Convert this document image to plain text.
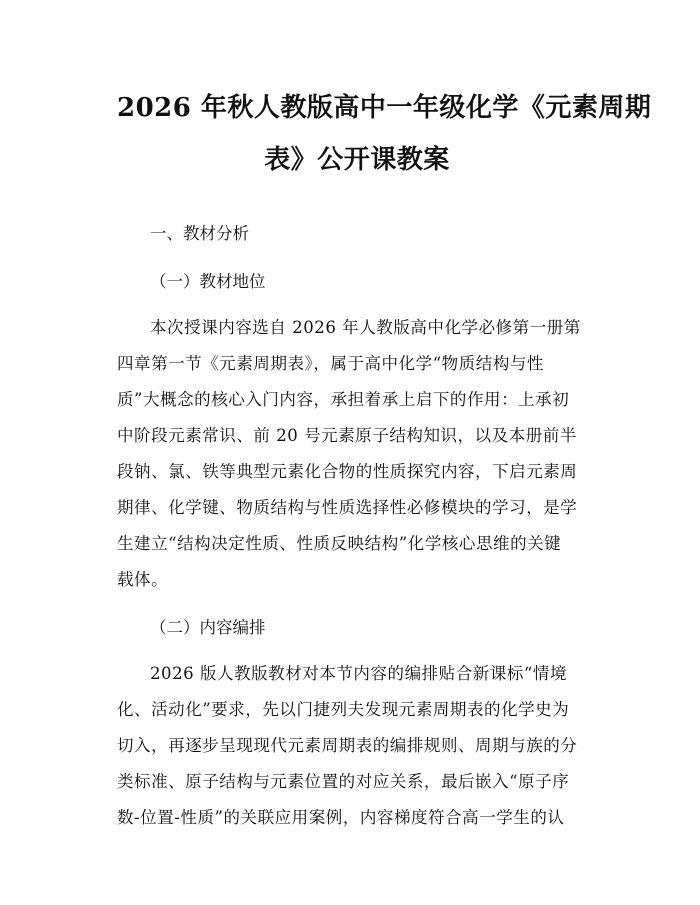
2026 年秋人教版高中一年级化学《元素周期
表》公开课教案

一、教材分析

（一）教材地位

本次授课内容选自 2026 年人教版高中化学必修第一册第
四章第一节《元素周期表》，属于高中化学“物质结构与性
质”大概念的核心入门内容，承担着承上启下的作用：上承初
中阶段元素常识、前 20 号元素原子结构知识，以及本册前半
段钠、氯、铁等典型元素化合物的性质探究内容，下启元素周
期律、化学键、物质结构与性质选择性必修模块的学习，是学
生建立“结构决定性质、性质反映结构”化学核心思维的关键
载体。

（二）内容编排

2026 版人教版教材对本节内容的编排贴合新课标“情境
化、活动化”要求，先以门捷列夫发现元素周期表的化学史为
切入，再逐步呈现现代元素周期表的编排规则、周期与族的分
类标准、原子结构与元素位置的对应关系，最后嵌入“原子序
数-位置-性质”的关联应用案例，内容梯度符合高一学生的认
